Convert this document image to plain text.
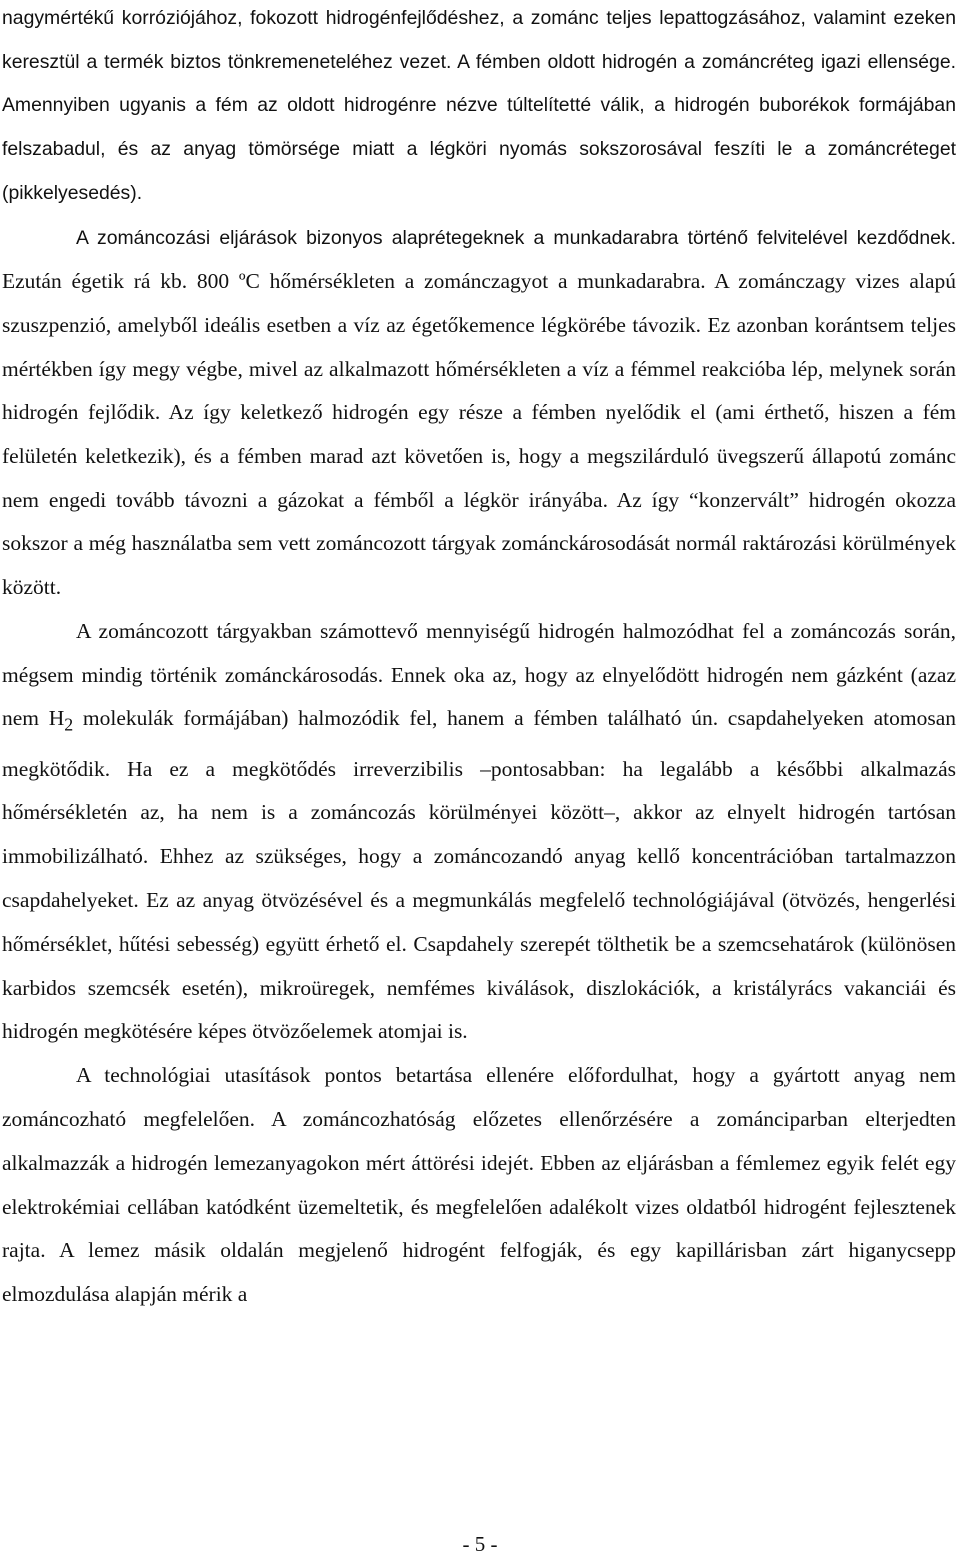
nagymértékű korróziójához, fokozott hidrogénfejlődéshez, a zománc teljes lepattogzásához, valamint ezeken keresztül a termék biztos tönkremeneteléhez vezet. A fémben oldott hidrogén a zománcréteg igazi ellensége. Amennyiben ugyanis a fém az oldott hidrogénre nézve túltelítetté válik, a hidrogén buborékok formájában felszabadul, és az anyag tömörsége miatt a légköri nyomás sokszorosával feszíti le a zománcréteget (pikkelyesedés).

A zománcozási eljárások bizonyos alaprétegeknek a munkadarabra történő felvitelével kezdődnek. Ezután égetik rá kb. 800 ºC hőmérsékleten a zománczagyot a munkadarabra. A zománczagy vizes alapú szuszpenzió, amelyből ideális esetben a víz az égetőkemence légkörébe távozik. Ez azonban korántsem teljes mértékben így megy végbe, mivel az alkalmazott hőmérsékleten a víz a fémmel reakcióba lép, melynek során hidrogén fejlődik. Az így keletkező hidrogén egy része a fémben nyelődik el (ami érthető, hiszen a fém felületén keletkezik), és a fémben marad azt követően is, hogy a megszilárduló üvegszerű állapotú zománc nem engedi tovább távozni a gázokat a fémből a légkör irányába. Az így “konzervált” hidrogén okozza sokszor a még használatba sem vett zománcozott tárgyak zománckárosodását normál raktározási körülmények között.

A zománcozott tárgyakban számottevő mennyiségű hidrogén halmozódhat fel a zománcozás során, mégsem mindig történik zománckárosodás. Ennek oka az, hogy az elnyelődött hidrogén nem gázként (azaz nem $H_2$ molekulák formájában) halmozódik fel, hanem a fémben található ún. csapdahelyeken atomosan megkötődik. Ha ez a megkötődés irreverzibilis –pontosabban: ha legalább a későbbi alkalmazás hőmérsékletén az, ha nem is a zománcozás körülményei között–, akkor az elnyelt hidrogén tartósan immobilizálható. Ehhez az szükséges, hogy a zománcozandó anyag kellő koncentrációban tartalmazzon csapdahelyeket. Ez az anyag ötvözésével és a megmunkálás megfelelő technológiájával (ötvözés, hengerlési hőmérséklet, hűtési sebesség) együtt érhető el. Csapdahely szerepét tölthetik be a szemcsehatárok (különösen karbidos szemcsék esetén), mikroüregek, nemfémes kiválások, diszlokációk, a kristályrács vakanciái és hidrogén megkötésére képes ötvözőelemek atomjai is.

A technológiai utasítások pontos betartása ellenére előfordulhat, hogy a gyártott anyag nem zománcozható megfelelően. A zománcozhatóság előzetes ellenőrzésére a zománciparban elterjedten alkalmazzák a hidrogén lemezanyagokon mért áttörési idejét. Ebben az eljárásban a fémlemez egyik felét egy elektrokémiai cellában katódként üzemeltetik, és megfelelően adalékolt vizes oldatból hidrogént fejlesztenek rajta. A lemez másik oldalán megjelenő hidrogént felfogják, és egy kapillárisban zárt higanycsepp elmozdulása alapján mérik a

- 5 -
